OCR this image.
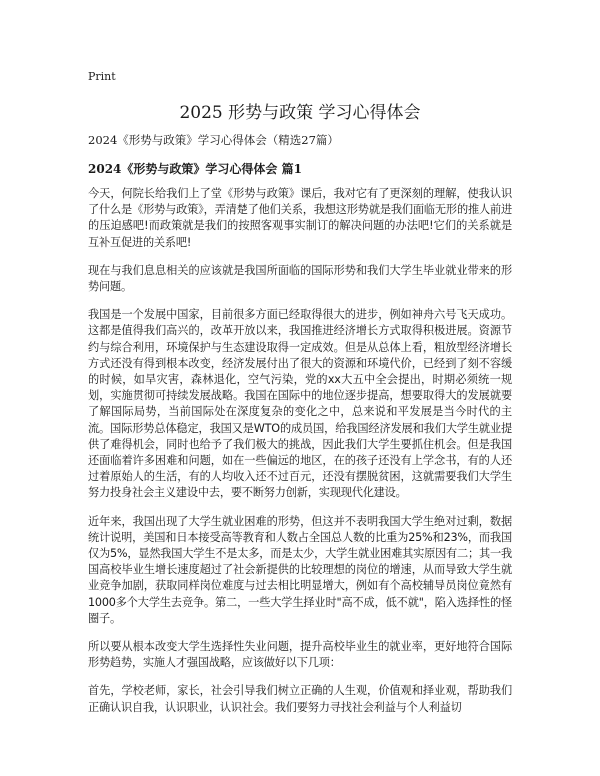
Print
2025 形势与政策 学习心得体会

2024《形势与政策》学习心得体会（精选27篇）

2024《形势与政策》学习心得体会 篇1

今天，何院长给我们上了堂《形势与政策》课后，我对它有了更深刻的理解，使我认识了什么是《形势与政策》，弄清楚了他们关系，我想这形势就是我们面临无形的推人前进的压迫感吧!而政策就是我们的按照客观事实制订的解决问题的办法吧!它们的关系就是互补互促进的关系吧!

现在与我们息息相关的应该就是我国所面临的国际形势和我们大学生毕业就业带来的形势问题。

我国是一个发展中国家，目前很多方面已经取得很大的进步，例如神舟六号飞天成功。这都是值得我们高兴的，改革开放以来，我国推进经济增长方式取得积极进展。资源节约与综合利用，环境保护与生态建设取得一定成效。但是从总体上看，粗放型经济增长方式还没有得到根本改变，经济发展付出了很大的资源和环境代价，已经到了刻不容缓的时候，如旱灾害，森林退化，空气污染，党的xx大五中全会提出，时期必须统一规划，实施贯彻可持续发展战略。我国在国际中的地位逐步提高，想要取得大的发展就要了解国际局势，当前国际处在深度复杂的变化之中，总来说和平发展是当今时代的主流。国际形势总体稳定，我国又是WTO的成员国，给我国经济发展和我们大学生就业提供了难得机会，同时也给予了我们极大的挑战，因此我们大学生要抓住机会。但是我国还面临着许多困难和问题，如在一些偏远的地区，在的孩子还没有上学念书，有的人还过着原始人的生活，有的人均收入还不过百元，还没有摆脱贫困，这就需要我们大学生努力投身社会主义建设中去，要不断努力创新，实现现代化建设。

近年来，我国出现了大学生就业困难的形势，但这并不表明我国大学生绝对过剩，数据统计说明，美国和日本接受高等教育和人数占全国总人数的比重为25%和23%，而我国仅为5%，显然我国大学生不是太多，而是太少，大学生就业困难其实原因有二；其一我国高校毕业生增长速度超过了社会新提供的比较理想的岗位的增速，从而导致大学生就业竞争加剧，获取同样岗位难度与过去相比明显增大，例如有个高校辅导员岗位竟然有1000多个大学生去竞争。第二，一些大学生择业时"高不成，低不就"，陷入选择性的怪圈子。

所以要从根本改变大学生选择性失业问题，提升高校毕业生的就业率，更好地符合国际形势趋势，实施人才强国战略，应该做好以下几项：

首先，学校老师，家长，社会引导我们树立正确的人生观，价值观和择业观，帮助我们正确认识自我，认识职业，认识社会。我们要努力寻找社会利益与个人利益切
